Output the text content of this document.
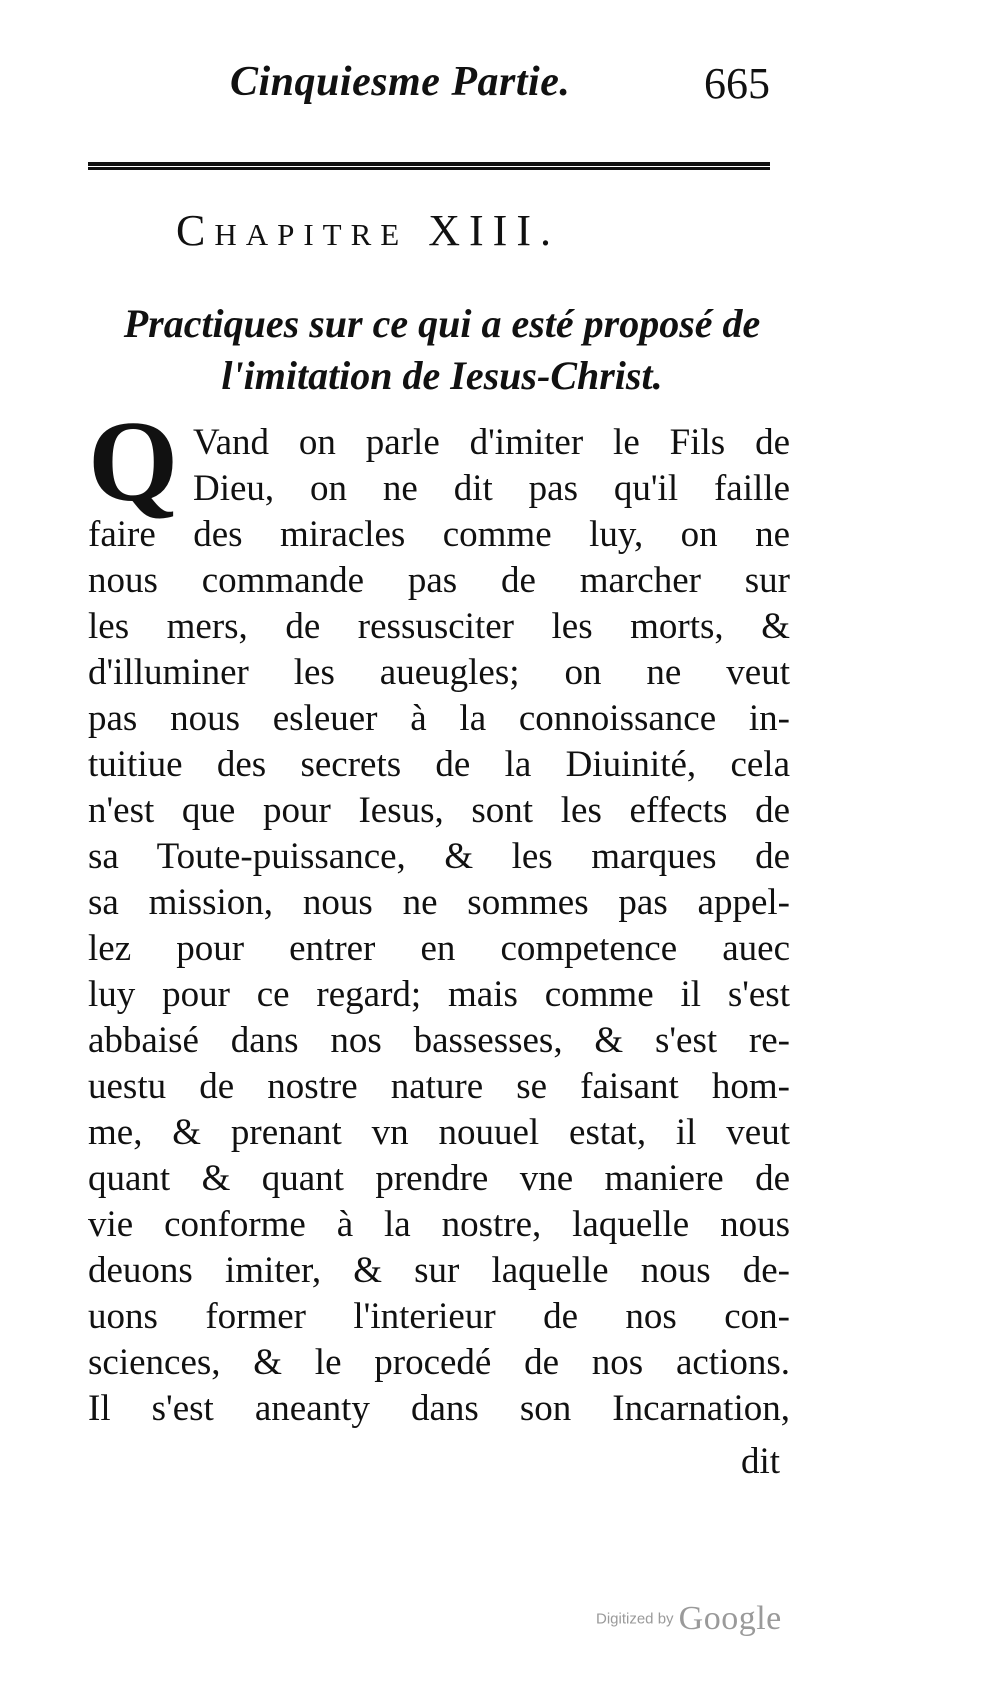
Cinquiesme Partie.	665
Chapitre XIII.
Practiques sur ce qui a esté proposé de
l'imitation de Iesus-Christ.
Q Vand on parle d'imiter le Fils de
Dieu, on ne dit pas qu'il faille
faire des miracles comme luy, on ne
nous commande pas de marcher sur
les mers, de ressusciter les morts, &
d'illuminer les aueugles; on ne veut
pas nous esleuer à la connoissance in-
tuitiue des secrets de la Diuinité, cela
n'est que pour Iesus, sont les effects de
sa Toute-puissance, & les marques de
sa mission, nous ne sommes pas appel-
lez pour entrer en competence auec
luy pour ce regard; mais comme il s'est
abbaisé dans nos bassesses, & s'est re-
uestu de nostre nature se faisant hom-
me, & prenant vn nouuel estat, il veut
quant & quant prendre vne maniere de
vie conforme à la nostre, laquelle nous
deuons imiter, & sur laquelle nous de-
uons former l'interieur de nos con-
sciences, & le procedé de nos actions.
Il s'est aneanty dans son Incarnation,
dit
Digitized by Google
